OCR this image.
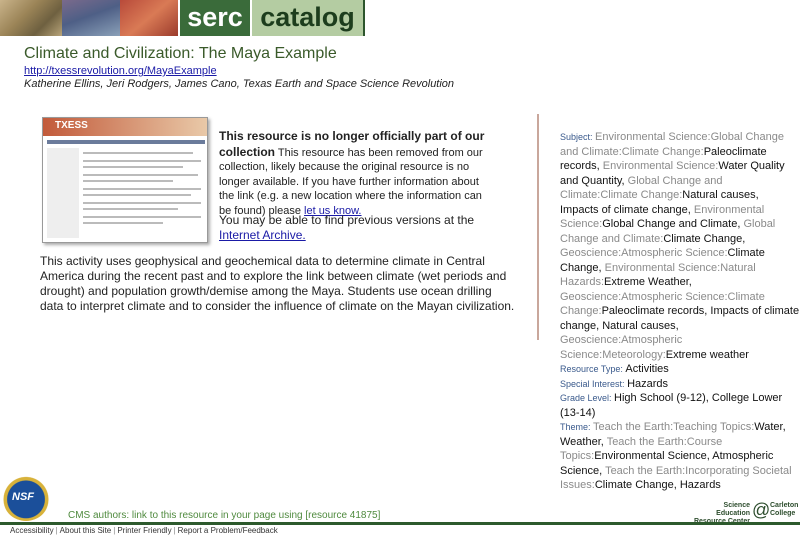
serc catalog
Climate and Civilization: The Maya Example
http://txessrevolution.org/MayaExample
Katherine Ellins, Jeri Rodgers, James Cano, Texas Earth and Space Science Revolution
TXESS
This resource is no longer officially part of our collection This resource has been removed from our collection, likely because the original resource is no longer available. If you have further information about the link (e.g. a new location where the information can be found) please let us know.
You may be able to find previous versions at the Internet Archive.
This activity uses geophysical and geochemical data to determine climate in Central America during the recent past and to explore the link between climate (wet periods and drought) and population growth/demise among the Maya. Students use ocean drilling data to interpret climate and to consider the influence of climate on the Mayan civilization.

Subject: Environmental Science:Global Change and Climate:Climate Change:Paleoclimate records, Environmental Science:Water Quality and Quantity, Global Change and Climate:Climate Change:Natural causes, Impacts of climate change, Environmental Science:Global Change and Climate, Global Change and Climate:Climate Change, Geoscience:Atmospheric Science:Climate Change, Environmental Science:Natural Hazards:Extreme Weather, Geoscience:Atmospheric Science:Climate Change:Paleoclimate records, Impacts of climate change, Natural causes, Geoscience:Atmospheric Science:Meteorology:Extreme weather

Resource Type: Activities

Special Interest: Hazards

Grade Level: High School (9-12), College Lower (13-14)

Theme: Teach the Earth:Teaching Topics:Water, Weather, Teach the Earth:Course Topics:Environmental Science, Atmospheric Science, Teach the Earth:Incorporating Societal Issues:Climate Change, Hazards

NSF
CMS authors: link to this resource in your page using [resource 41875]
Science Education @ Carleton College
Accessibility | About this Site | Printer Friendly | Report a Problem/Feedback
